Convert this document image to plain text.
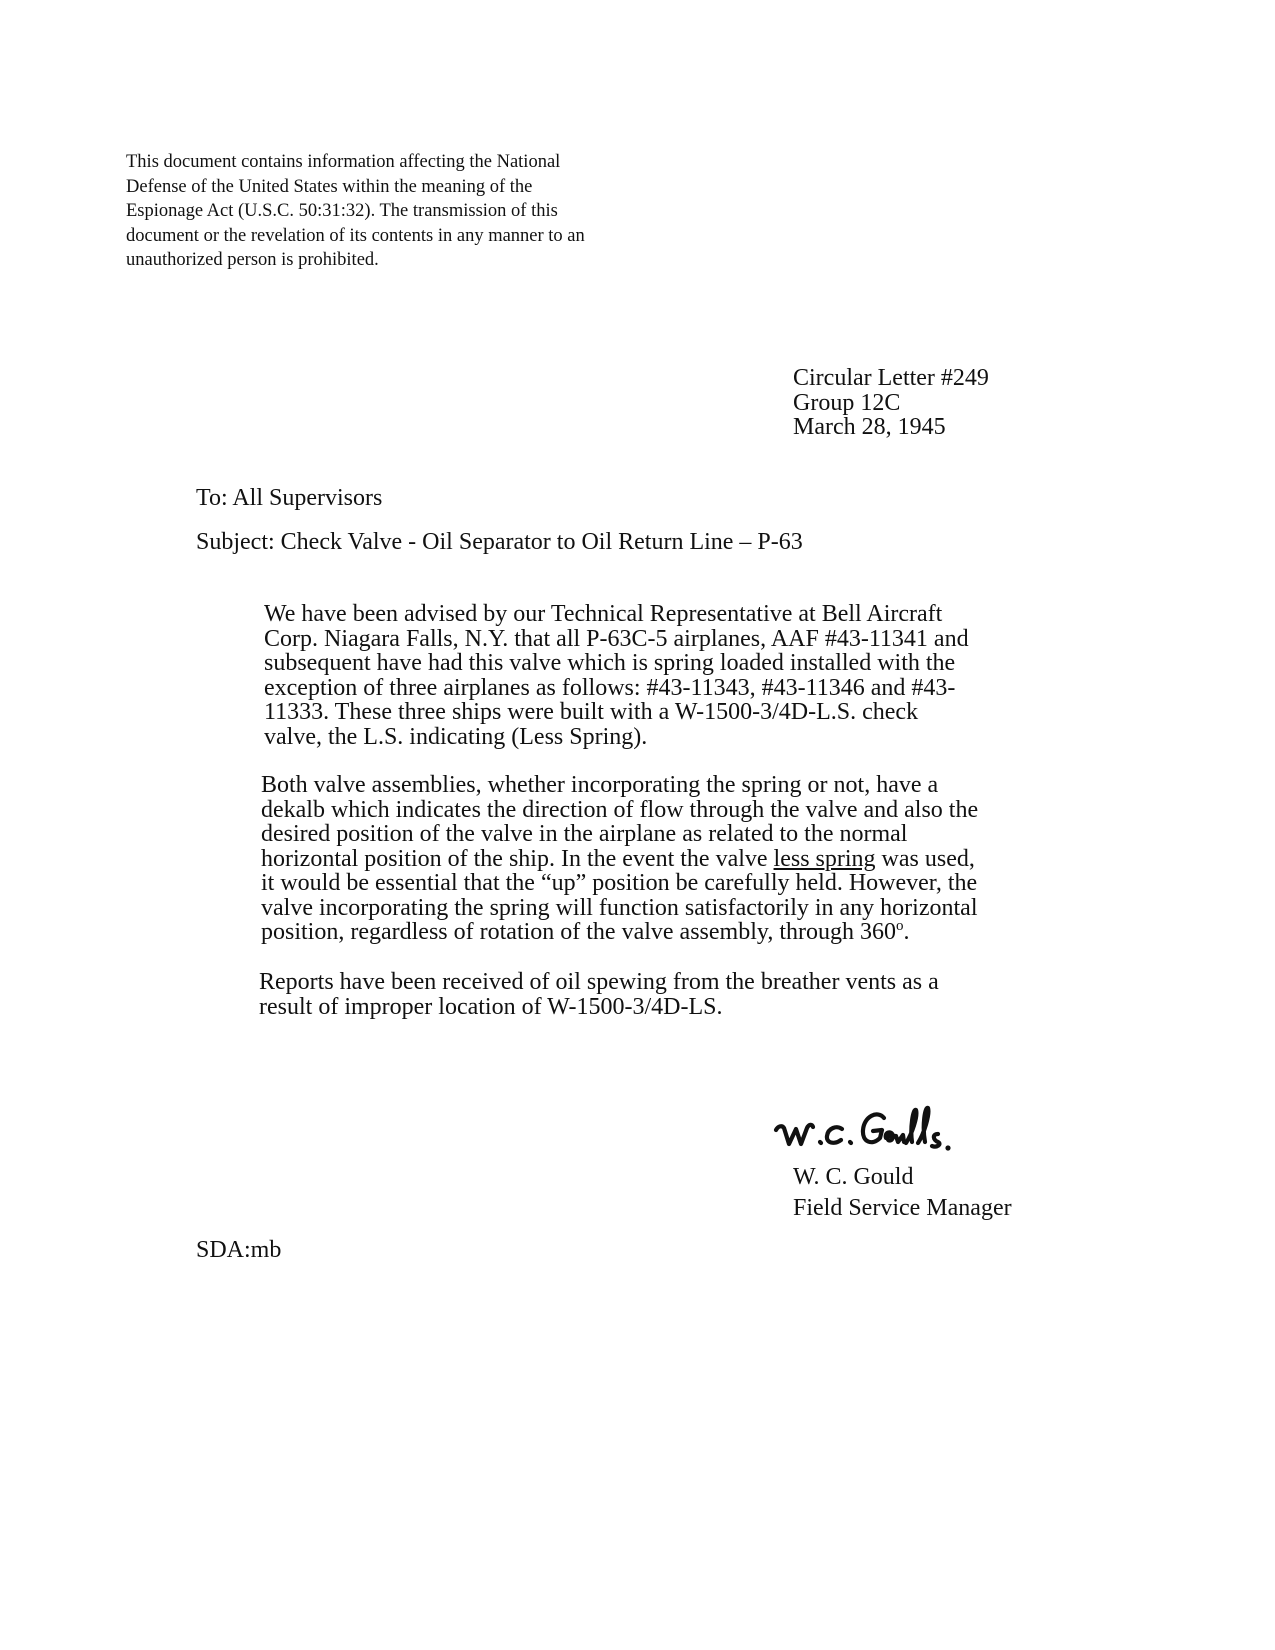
This document contains information affecting the National
Defense of the United States within the meaning of the
Espionage Act (U.S.C. 50:31:32). The transmission of this
document or the revelation of its contents in any manner to an
unauthorized person is prohibited.
Circular Letter #249
Group 12C
March 28, 1945
To: All Supervisors
Subject: Check Valve - Oil Separator to Oil Return Line – P-63
We have been advised by our Technical Representative at Bell Aircraft
Corp. Niagara Falls, N.Y. that all P-63C-5 airplanes, AAF #43-11341 and
subsequent have had this valve which is spring loaded installed with the
exception of three airplanes as follows: #43-11343, #43-11346 and #43-
11333. These three ships were built with a W-1500-3/4D-L.S. check
valve, the L.S. indicating (Less Spring).
Both valve assemblies, whether incorporating the spring or not, have a
dekalb which indicates the direction of flow through the valve and also the
desired position of the valve in the airplane as related to the normal
horizontal position of the ship. In the event the valve less spring was used,
it would be essential that the “up” position be carefully held. However, the
valve incorporating the spring will function satisfactorily in any horizontal
position, regardless of rotation of the valve assembly, through 360$^o$.
Reports have been received of oil spewing from the breather vents as a
result of improper location of W-1500-3/4D-LS.
W. C. Gould
Field Service Manager
SDA:mb
